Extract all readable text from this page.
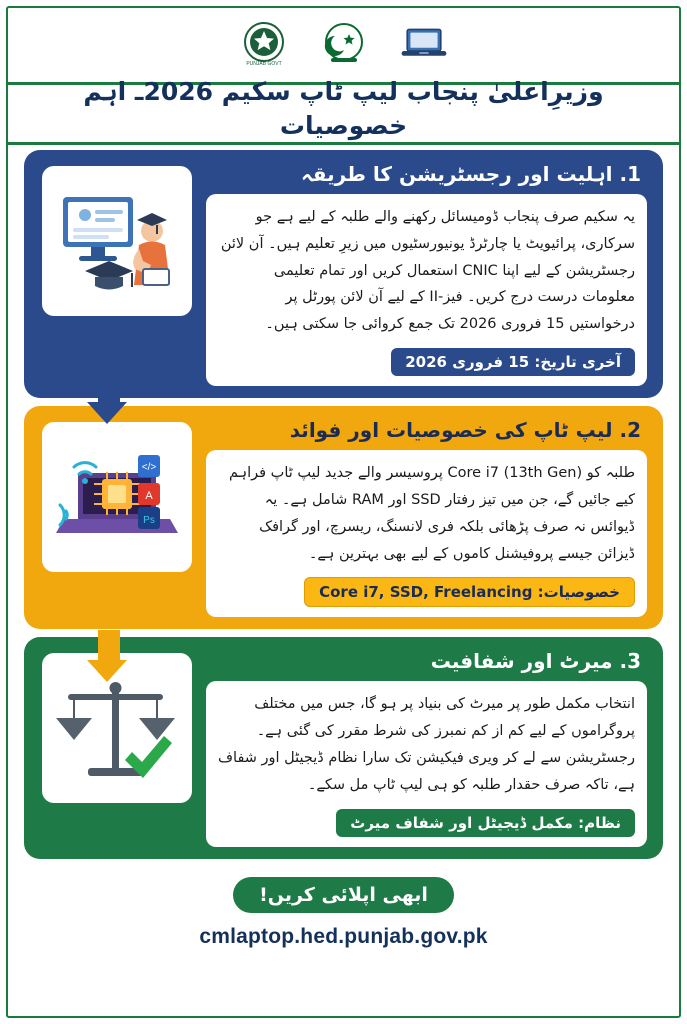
PUNJAB GOVT
وزیرِاعلیٰ پنجاب لیپ ٹاپ سکیم 2026ـ اہم خصوصیات
1. اہلیت اور رجسٹریشن کا طریقہ
یہ سکیم صرف پنجاب ڈومیسائل رکھنے والے طلبہ کے لیے ہے جو سرکاری، پرائیویٹ یا چارٹرڈ یونیورسٹیوں میں زیرِ تعلیم ہیں۔ آن لائن رجسٹریشن کے لیے اپنا CNIC استعمال کریں اور تمام تعلیمی معلومات درست درج کریں۔ فیز-II کے لیے آن لائن پورٹل پر درخواستیں 15 فروری 2026 تک جمع کروائی جا سکتی ہیں۔
آخری تاریخ: 15 فروری 2026
2. لیپ ٹاپ کی خصوصیات اور فوائد
طلبہ کو Core i7 (13th Gen) پروسیسر والے جدید لیپ ٹاپ فراہم کیے جائیں گے، جن میں تیز رفتار SSD اور RAM شامل ہے۔ یہ ڈیوائس نہ صرف پڑھائی بلکہ فری لانسنگ، ریسرچ، اور گرافک ڈیزائن جیسے پروفیشنل کاموں کے لیے بھی بہترین ہے۔
خصوصیات: Core i7, SSD, Freelancing
</>
A
Ps
3. میرٹ اور شفافیت
انتخاب مکمل طور پر میرٹ کی بنیاد پر ہو گا، جس میں مختلف پروگراموں کے لیے کم از کم نمبرز کی شرط مقرر کی گئی ہے۔ رجسٹریشن سے لے کر ویری فیکیشن تک سارا نظام ڈیجیٹل اور شفاف ہے، تاکہ صرف حقدار طلبہ کو ہی لیپ ٹاپ مل سکے۔
نظام: مکمل ڈیجیٹل اور شفاف میرٹ
ابھی اپلائی کریں!
cmlaptop.hed.punjab.gov.pk
